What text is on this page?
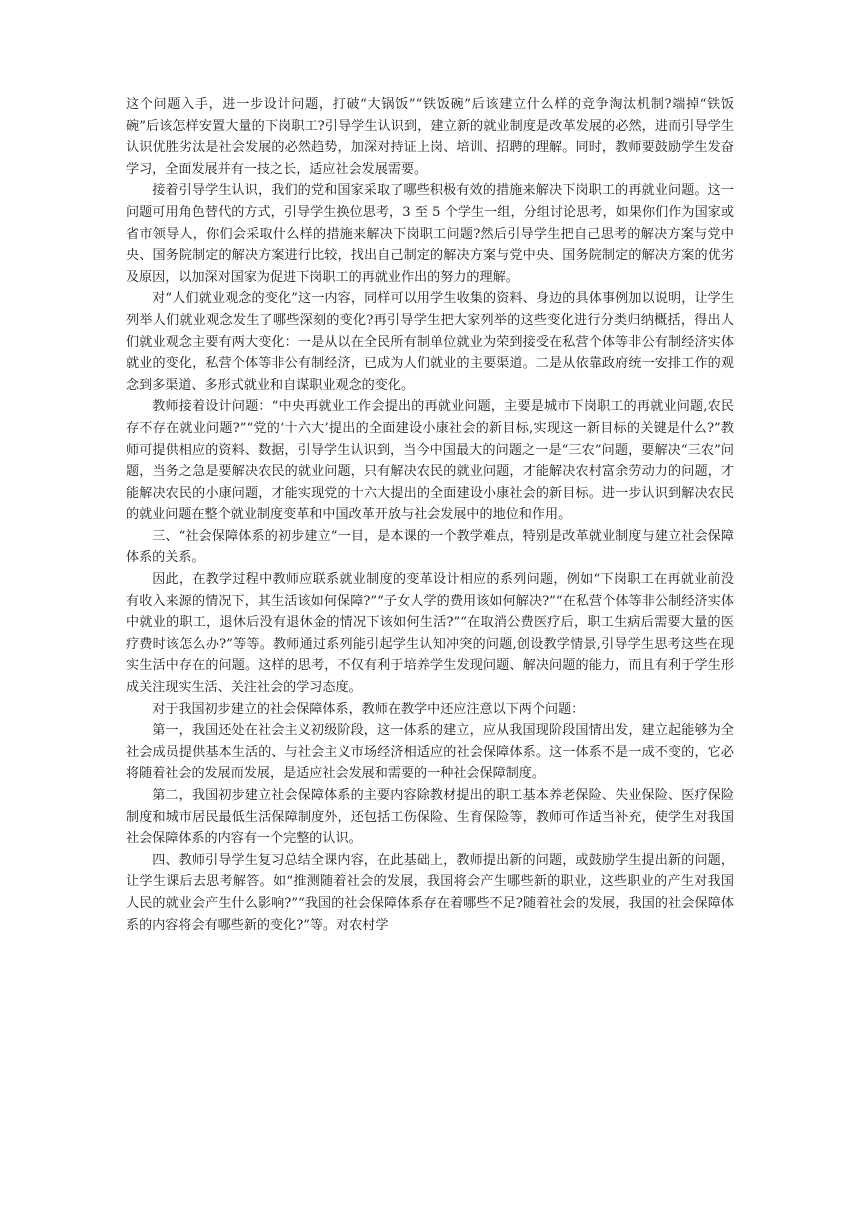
这个问题入手，进一步设计问题，打破“大锅饭”“铁饭碗”后该建立什么样的竞争淘汰机制?端掉“铁饭碗”后该怎样安置大量的下岗职工?引导学生认识到，建立新的就业制度是改革发展的必然，进而引导学生认识优胜劣汰是社会发展的必然趋势，加深对持证上岗、培训、招聘的理解。同时，教师要鼓励学生发奋学习，全面发展并有一技之长，适应社会发展需要。

接着引导学生认识，我们的党和国家采取了哪些积极有效的措施来解决下岗职工的再就业问题。这一问题可用角色替代的方式，引导学生换位思考，3 至 5 个学生一组，分组讨论思考，如果你们作为国家或省市领导人，你们会采取什么样的措施来解决下岗职工问题?然后引导学生把自己思考的解决方案与党中央、国务院制定的解决方案进行比较，找出自己制定的解决方案与党中央、国务院制定的解决方案的优劣及原因，以加深对国家为促进下岗职工的再就业作出的努力的理解。

对“人们就业观念的变化”这一内容，同样可以用学生收集的资料、身边的具体事例加以说明，让学生列举人们就业观念发生了哪些深刻的变化?再引导学生把大家列举的这些变化进行分类归纳概括，得出人们就业观念主要有两大变化：一是从以在全民所有制单位就业为荣到接受在私营个体等非公有制经济实体就业的变化，私营个体等非公有制经济，已成为人们就业的主要渠道。二是从依靠政府统一安排工作的观念到多渠道、多形式就业和自谋职业观念的变化。

教师接着设计问题：“中央再就业工作会提出的再就业问题，主要是城市下岗职工的再就业问题,农民存不存在就业问题?”“党的‘十六大’提出的全面建设小康社会的新目标,实现这一新目标的关键是什么?”教师可提供相应的资料、数据，引导学生认识到，当今中国最大的问题之一是“三农”问题，要解决“三农”问题，当务之急是要解决农民的就业问题，只有解决农民的就业问题，才能解决农村富余劳动力的问题，才能解决农民的小康问题，才能实现党的十六大提出的全面建设小康社会的新目标。进一步认识到解决农民的就业问题在整个就业制度变革和中国改革开放与社会发展中的地位和作用。

三、“社会保障体系的初步建立”一目，是本课的一个教学难点，特别是改革就业制度与建立社会保障体系的关系。

因此，在教学过程中教师应联系就业制度的变革设计相应的系列问题，例如“下岗职工在再就业前没有收入来源的情况下，其生活该如何保障?”“子女人学的费用该如何解决?”“在私营个体等非公制经济实体中就业的职工，退休后没有退休金的情况下该如何生活?”“在取消公费医疗后，职工生病后需要大量的医疗费时该怎么办?”等等。教师通过系列能引起学生认知冲突的问题,创设教学情景,引导学生思考这些在现实生活中存在的问题。这样的思考，不仅有利于培养学生发现问题、解决问题的能力，而且有利于学生形成关注现实生活、关注社会的学习态度。

对于我国初步建立的社会保障体系，教师在教学中还应注意以下两个问题：

第一，我国还处在社会主义初级阶段，这一体系的建立，应从我国现阶段国情出发，建立起能够为全社会成员提供基本生活的、与社会主义市场经济相适应的社会保障体系。这一体系不是一成不变的，它必将随着社会的发展而发展，是适应社会发展和需要的一种社会保障制度。

第二，我国初步建立社会保障体系的主要内容除教材提出的职工基本养老保险、失业保险、医疗保险制度和城市居民最低生活保障制度外，还包括工伤保险、生育保险等，教师可作适当补充，使学生对我国社会保障体系的内容有一个完整的认识。

四、教师引导学生复习总结全课内容，在此基础上，教师提出新的问题，或鼓励学生提出新的问题，让学生课后去思考解答。如“推测随着社会的发展，我国将会产生哪些新的职业，这些职业的产生对我国人民的就业会产生什么影响?”“我国的社会保障体系存在着哪些不足?随着社会的发展，我国的社会保障体系的内容将会有哪些新的变化?”等。对农村学
